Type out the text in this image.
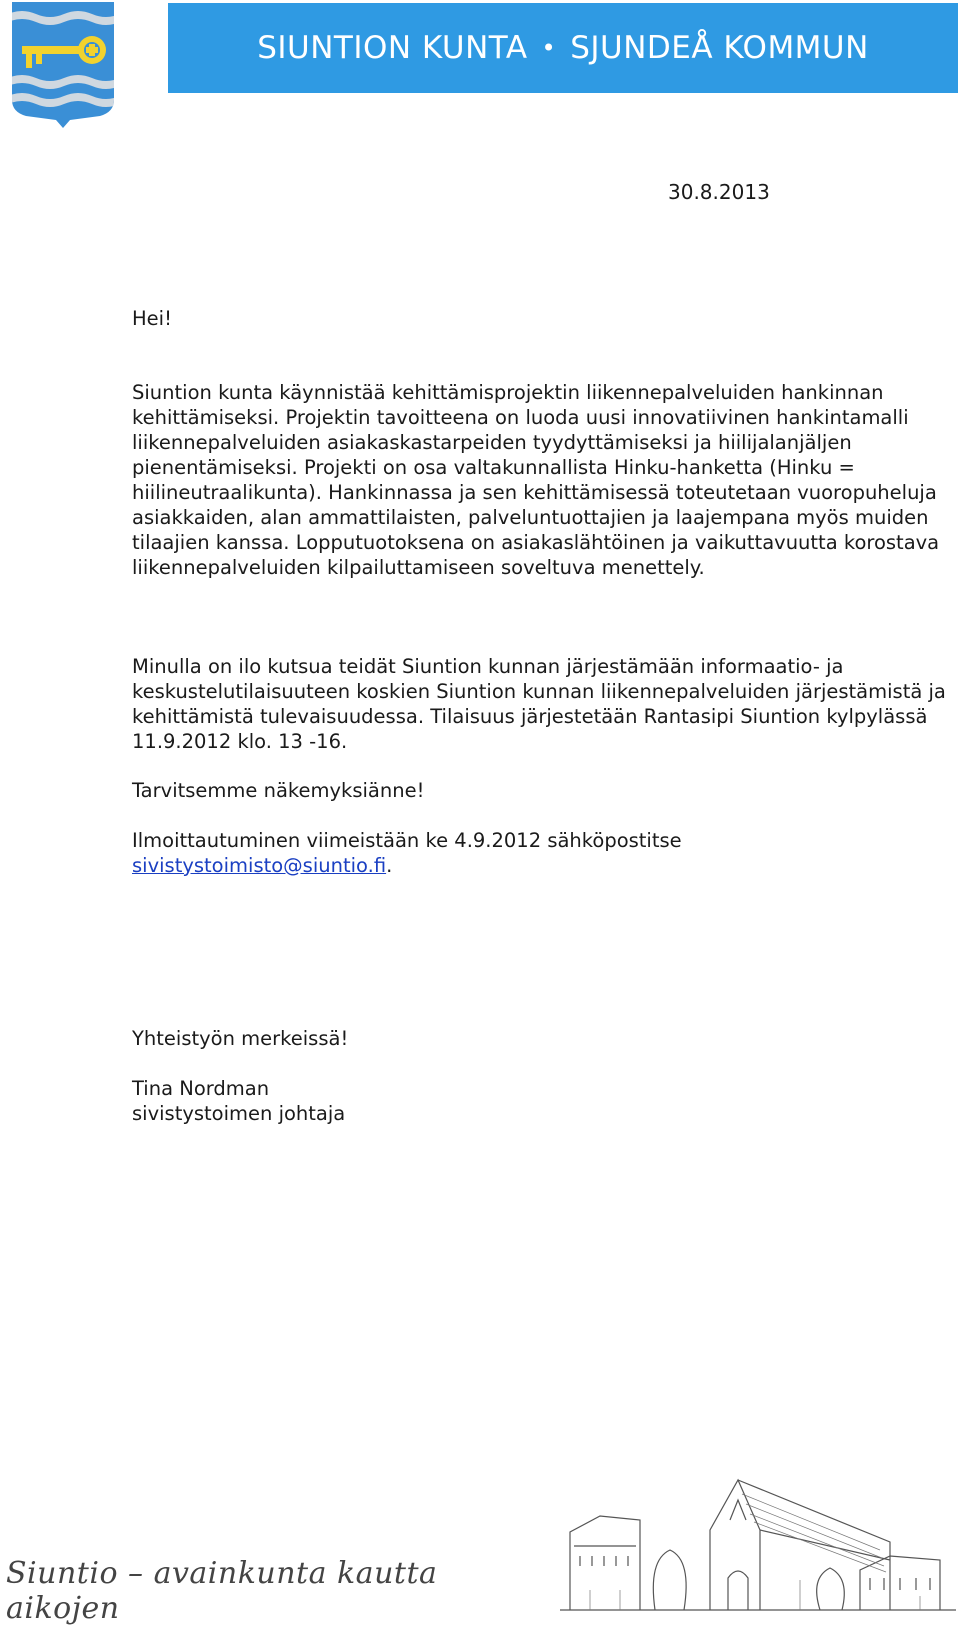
SIUNTION KUNTA • SJUNDEÅ KOMMUN
30.8.2013

Hei!

Siuntion kunta käynnistää kehittämisprojektin liikennepalveluiden hankinnan kehittämiseksi. Projektin tavoitteena on luoda uusi innovatiivinen hankintamalli liikennepalveluiden asiakaskastarpeiden tyydyttämiseksi ja hiilijalanjäljen pienentämiseksi. Projekti on osa valtakunnallista Hinku-hanketta (Hinku = hiilineutraalikunta). Hankinnassa ja sen kehittämisessä toteutetaan vuoropuheluja asiakkaiden, alan ammattilaisten, palveluntuottajien ja laajempana myös muiden tilaajien kanssa. Lopputuotoksena on asiakaslähtöinen ja vaikuttavuutta korostava liikennepalveluiden kilpailuttamiseen soveltuva menettely.

Minulla on ilo kutsua teidät Siuntion kunnan järjestämään informaatio- ja keskustelutilaisuuteen koskien Siuntion kunnan liikennepalveluiden järjestämistä ja kehittämistä tulevaisuudessa. Tilaisuus järjestetään Rantasipi Siuntion kylpylässä 11.9.2012 klo. 13 -16.

Tarvitsemme näkemyksiänne!

Ilmoittautuminen viimeistään ke 4.9.2012 sähköpostitse
sivistystoimisto@siuntio.fi.

Yhteistyön merkeissä!

Tina Nordman
sivistystoimen johtaja

Siuntio – avainkunta kautta aikojen
